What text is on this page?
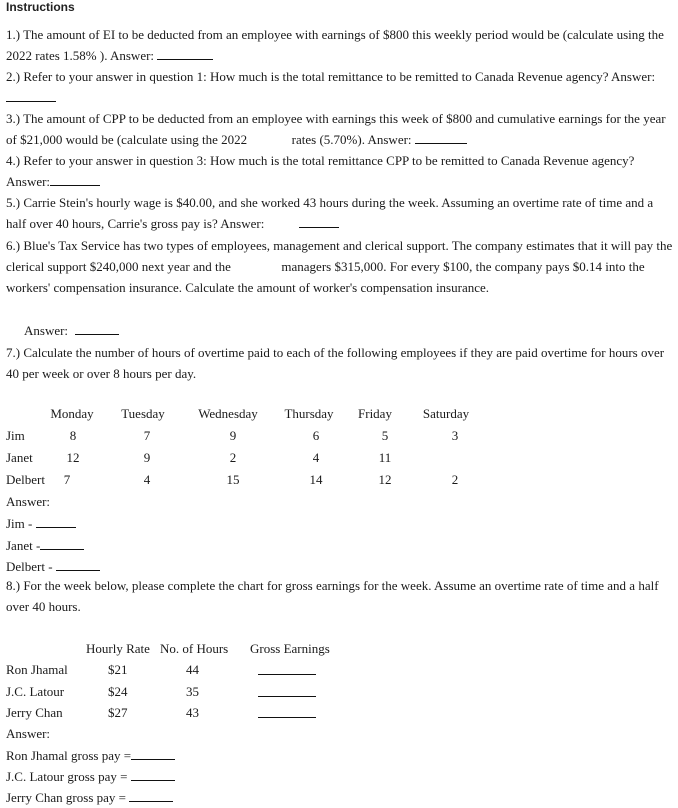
Instructions
1.) The amount of EI to be deducted from an employee with earnings of $800 this weekly period would be (calculate using the 2022 rates 1.58% ). Answer:
2.) Refer to your answer in question 1: How much is the total remittance to be remitted to Canada Revenue agency? Answer:
3.) The amount of CPP to be deducted from an employee with earnings this week of $800 and cumulative earnings for the year of $21,000 would be (calculate using the 2022	rates (5.70%). Answer:
4.) Refer to your answer in question 3: How much is the total remittance CPP to be remitted to Canada Revenue agency? Answer:
5.) Carrie Stein's hourly wage is $40.00, and she worked 43 hours during the week. Assuming an overtime rate of time and a half over 40 hours, Carrie's gross pay is? Answer:
6.) Blue's Tax Service has two types of employees, management and clerical support. The company estimates that it will pay the clerical support $240,000 next year and the	managers $315,000. For every $100, the company pays $0.14 into the workers' compensation insurance. Calculate the amount of worker's compensation insurance.
Answer:
7.) Calculate the number of hours of overtime paid to each of the following employees if they are paid overtime for hours over 40 per week or over 8 hours per day.
Monday	Tuesday	Wednesday	Thursday	Friday	Saturday
Jim	8	7	9	6	5	3
Janet	12	9	2	4	11
Delbert	7	4	15	14	12	2
Answer:
Jim -
Janet -
Delbert -
8.) For the week below, please complete the chart for gross earnings for the week. Assume an overtime rate of time and a half over 40 hours.
Hourly Rate No. of Hours Gross Earnings
Ron Jhamal	$21	44
J.C. Latour	$24	35
Jerry Chan	$27	43
Answer:
Ron Jhamal gross pay =
J.C. Latour gross pay =
Jerry Chan gross pay =
